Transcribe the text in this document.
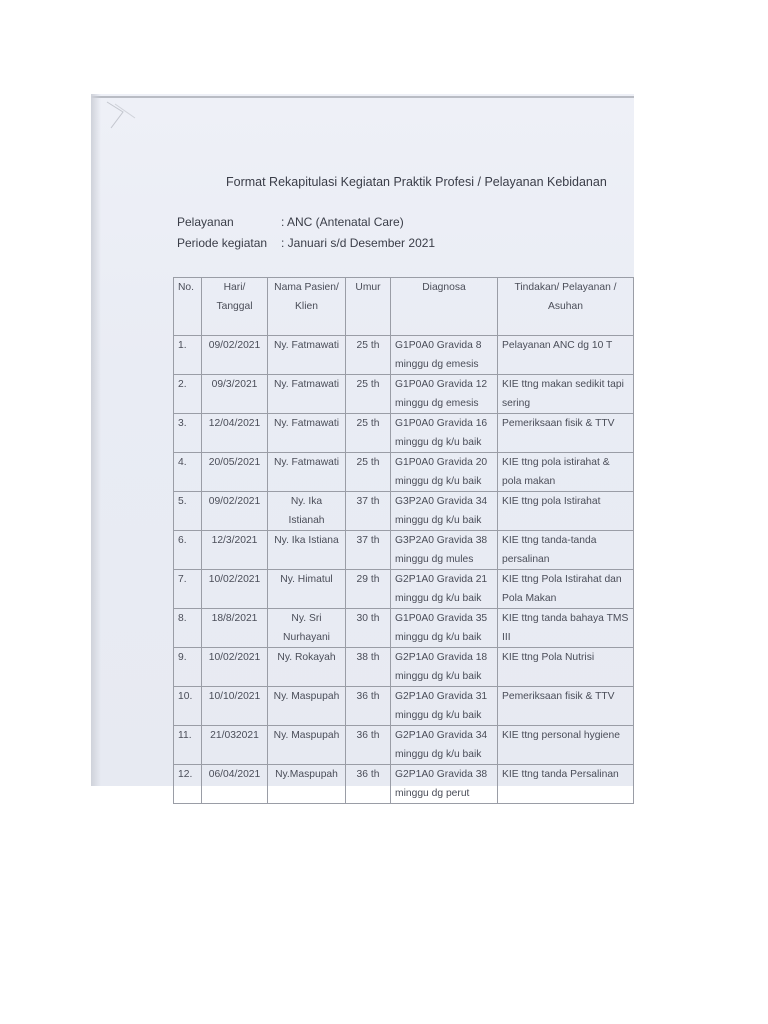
Format Rekapitulasi Kegiatan Praktik Profesi / Pelayanan Kebidanan
Pelayanan	: ANC (Antenatal Care)
Periode kegiatan : Januari s/d Desember 2021
No.	Hari/ Tanggal	Nama Pasien/ Klien	Umur	Diagnosa	Tindakan/ Pelayanan / Asuhan
1.	09/02/2021	Ny. Fatmawati	25 th	G1P0A0 Gravida 8 minggu dg emesis	Pelayanan ANC dg 10 T
2.	09/3/2021	Ny. Fatmawati	25 th	G1P0A0 Gravida 12 minggu dg emesis	KIE ttng makan sedikit tapi sering
3.	12/04/2021	Ny. Fatmawati	25 th	G1P0A0 Gravida 16 minggu dg k/u baik	Pemeriksaan fisik & TTV
4.	20/05/2021	Ny. Fatmawati	25 th	G1P0A0 Gravida 20 minggu dg k/u baik	KIE ttng pola istirahat & pola makan
5.	09/02/2021	Ny. Ika Istianah	37 th	G3P2A0 Gravida 34 minggu dg k/u baik	KIE ttng pola Istirahat
6.	12/3/2021	Ny. Ika Istiana	37 th	G3P2A0 Gravida 38 minggu dg mules	KIE ttng tanda-tanda persalinan
7.	10/02/2021	Ny. Himatul	29 th	G2P1A0 Gravida 21 minggu dg k/u baik	KIE ttng Pola Istirahat dan Pola Makan
8.	18/8/2021	Ny. Sri Nurhayani	30 th	G1P0A0 Gravida 35 minggu dg k/u baik	KIE ttng tanda bahaya TMS III
9.	10/02/2021	Ny. Rokayah	38 th	G2P1A0 Gravida 18 minggu dg k/u baik	KIE ttng Pola Nutrisi
10.	10/10/2021	Ny. Maspupah	36 th	G2P1A0 Gravida 31 minggu dg k/u baik	Pemeriksaan fisik & TTV
11.	21/032021	Ny. Maspupah	36 th	G2P1A0 Gravida 34 minggu dg k/u baik	KIE ttng personal hygiene
12.	06/04/2021	Ny.Maspupah	36 th	G2P1A0 Gravida 38 minggu dg perut	KIE ttng tanda Persalinan
